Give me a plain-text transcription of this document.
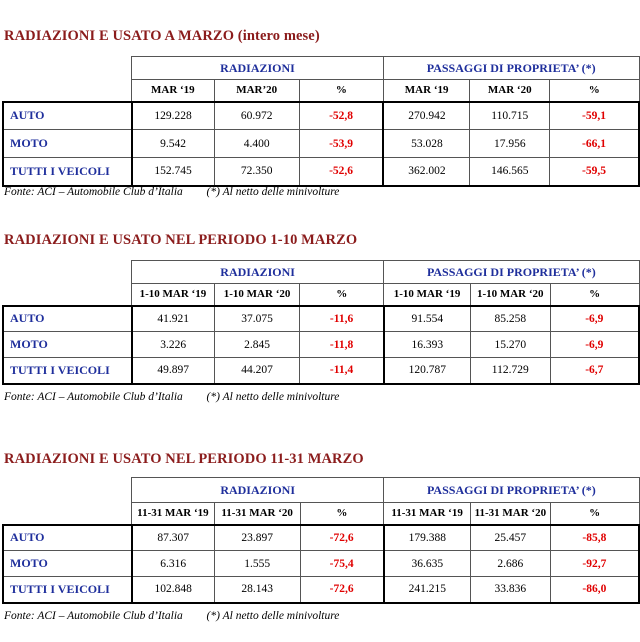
RADIAZIONI E USATO A MARZO (intero mese)
	RADIAZIONI			PASSAGGI DI PROPRIETA’ (*)		
	MAR ‘19	MAR’20	%	MAR ‘19	MAR ‘20	%
AUTO	129.228	60.972	-52,8	270.942	110.715	-59,1
MOTO	9.542	4.400	-53,9	53.028	17.956	-66,1
TUTTI I VEICOLI	152.745	72.350	-52,6	362.002	146.565	-59,5
Fonte: ACI – Automobile Club d’Italia (*) Al netto delle minivolture
RADIAZIONI E USATO NEL PERIODO 1-10 MARZO
	RADIAZIONI			PASSAGGI DI PROPRIETA’ (*)		
	1-10 MAR ‘19	1-10 MAR ‘20	%	1-10 MAR ‘19	1-10 MAR ‘20	%
AUTO	41.921	37.075	-11,6	91.554	85.258	-6,9
MOTO	3.226	2.845	-11,8	16.393	15.270	-6,9
TUTTI I VEICOLI	49.897	44.207	-11,4	120.787	112.729	-6,7
Fonte: ACI – Automobile Club d’Italia (*) Al netto delle minivolture
RADIAZIONI E USATO NEL PERIODO 11-31 MARZO
	RADIAZIONI			PASSAGGI DI PROPRIETA’ (*)		
	11-31 MAR ‘19	11-31 MAR ‘20	%	11-31 MAR ‘19	11-31 MAR ‘20	%
AUTO	87.307	23.897	-72,6	179.388	25.457	-85,8
MOTO	6.316	1.555	-75,4	36.635	2.686	-92,7
TUTTI I VEICOLI	102.848	28.143	-72,6	241.215	33.836	-86,0
Fonte: ACI – Automobile Club d’Italia (*) Al netto delle minivolture
